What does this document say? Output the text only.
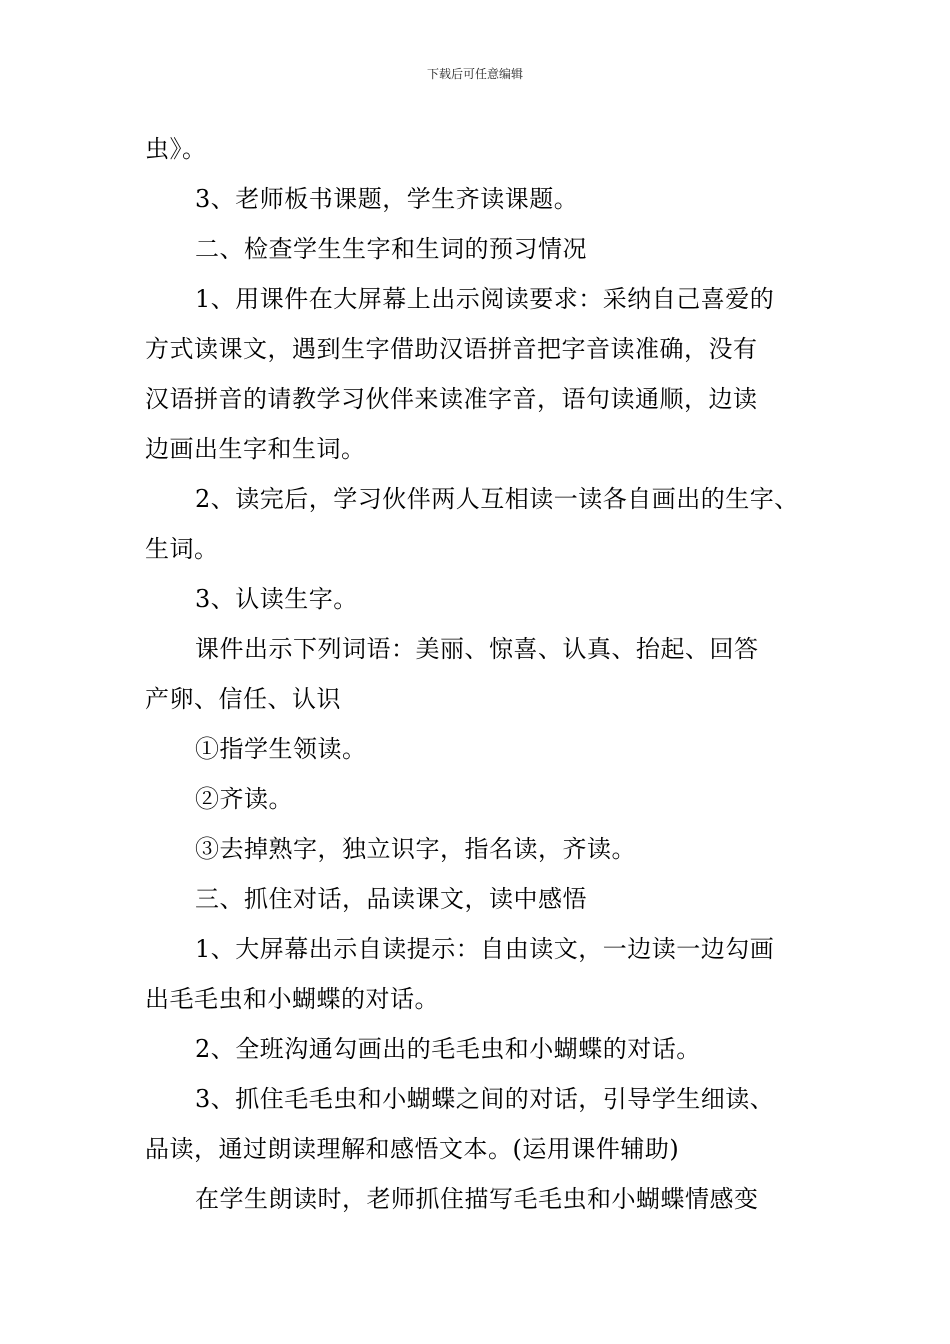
下载后可任意编辑
虫》。
3、老师板书课题，学生齐读课题。
二、检查学生生字和生词的预习情况
1、用课件在大屏幕上出示阅读要求：采纳自己喜爱的
方式读课文，遇到生字借助汉语拼音把字音读准确，没有
汉语拼音的请教学习伙伴来读准字音，语句读通顺，边读
边画出生字和生词。
2、读完后，学习伙伴两人互相读一读各自画出的生字、
生词。
3、认读生字。
课件出示下列词语：美丽、惊喜、认真、抬起、回答
产卵、信任、认识
①指学生领读。
②齐读。
③去掉熟字，独立识字，指名读，齐读。
三、抓住对话，品读课文，读中感悟
1、大屏幕出示自读提示：自由读文，一边读一边勾画
出毛毛虫和小蝴蝶的对话。
2、全班沟通勾画出的毛毛虫和小蝴蝶的对话。
3、抓住毛毛虫和小蝴蝶之间的对话，引导学生细读、
品读，通过朗读理解和感悟文本。(运用课件辅助)
在学生朗读时，老师抓住描写毛毛虫和小蝴蝶情感变
